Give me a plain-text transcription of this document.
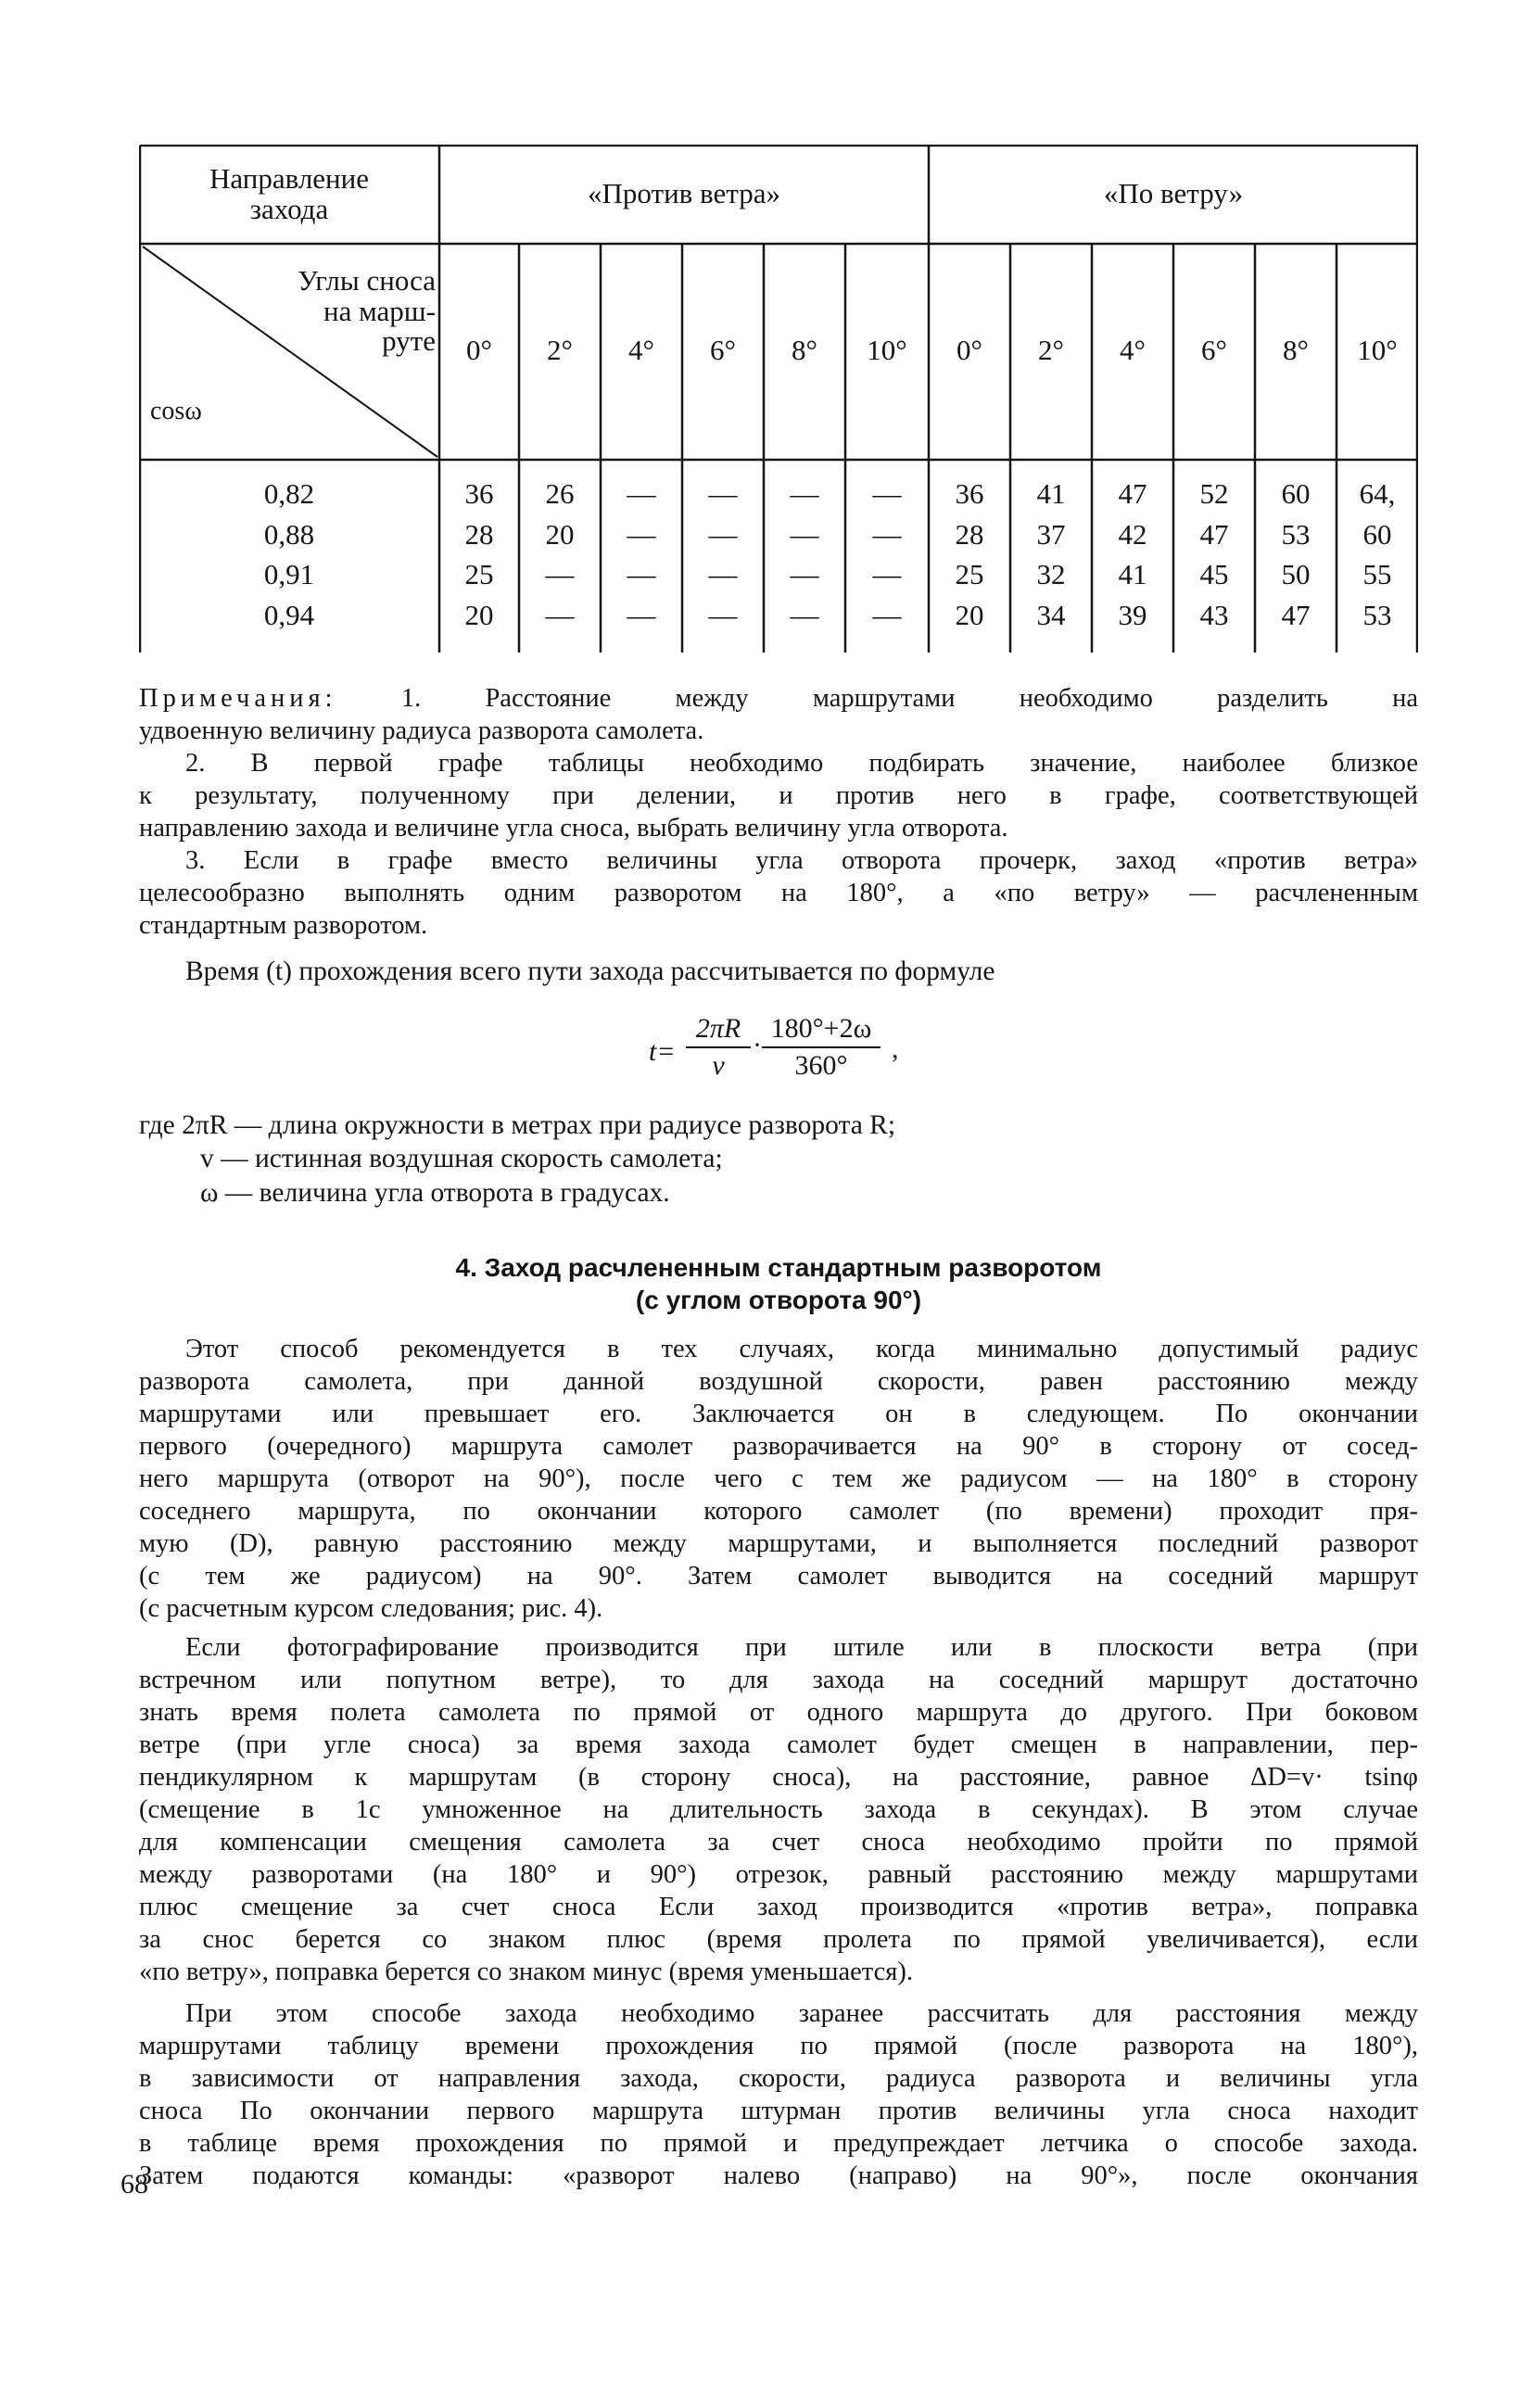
Направление
захода	«Против ветра»	«По ветру»
Углы сноса
на марш-
руте
cosω
0°	2°	4°	6°	8°	10°	0°	2°	4°	6°	8°	10°
0,82	36	26	—	—	—	—	36	41	47	52	60	64,
0,88	28	20	—	—	—	—	28	37	42	47	53	60
0,91	25	—	—	—	—	—	25	32	41	45	50	55
0,94	20	—	—	—	—	—	20	34	39	43	47	53
Примечания: 1. Расстояние между маршрутами необходимо разделить на
удвоенную величину радиуса разворота самолета.
2. В первой графе таблицы необходимо подбирать значение, наиболее близкое
к результату, полученному при делении, и против него в графе, соответствующей
направлению захода и величине угла сноса, выбрать величину угла отворота.
3. Если в графе вместо величины угла отворота прочерк, заход «против ветра»
целесообразно выполнять одним разворотом на 180°, а «по ветру» — расчлененным
стандартным разворотом.
Время (t) прохождения всего пути захода рассчитывается по формуле
$t= \frac{2\pi R}{v} \cdot \frac{180^\circ+2\omega}{360^\circ}$ ,
где 2πR — длина окружности в метрах при радиусе разворота R;
v — истинная воздушная скорость самолета;
ω — величина угла отворота в градусах.
4. Заход расчлененным стандартным разворотом
(с углом отворота 90°)
Этот способ рекомендуется в тех случаях, когда минимально допустимый радиус
разворота самолета, при данной воздушной скорости, равен расстоянию между
маршрутами или превышает его. Заключается он в следующем. По окончании
первого (очередного) маршрута самолет разворачивается на 90° в сторону от сосед-
него маршрута (отворот на 90°), после чего с тем же радиусом — на 180° в сторону
соседнего маршрута, по окончании которого самолет (по времени) проходит пря-
мую (D), равную расстоянию между маршрутами, и выполняется последний разворот
(с тем же радиусом) на 90°. Затем самолет выводится на соседний маршрут
(с расчетным курсом следования; рис. 4).
Если фотографирование производится при штиле или в плоскости ветра (при
встречном или попутном ветре), то для захода на соседний маршрут достаточно
знать время полета самолета по прямой от одного маршрута до другого. При боковом
ветре (при угле сноса) за время захода самолет будет смещен в направлении, пер-
пендикулярном к маршрутам (в сторону сноса), на расстояние, равное ΔD=v· tsinφ
(смещение в 1с умноженное на длительность захода в секундах). В этом случае
для компенсации смещения самолета за счет сноса необходимо пройти по прямой
между разворотами (на 180° и 90°) отрезок, равный расстоянию между маршрутами
плюс смещение за счет сноса Если заход производится «против ветра», поправка
за снос берется со знаком плюс (время пролета по прямой увеличивается), если
«по ветру», поправка берется со знаком минус (время уменьшается).
При этом способе захода необходимо заранее рассчитать для расстояния между
маршрутами таблицу времени прохождения по прямой (после разворота на 180°),
в зависимости от направления захода, скорости, радиуса разворота и величины угла
сноса По окончании первого маршрута штурман против величины угла сноса находит
в таблице время прохождения по прямой и предупреждает летчика о способе захода.
Затем подаются команды: «разворот налево (направо) на 90°», после окончания
68
